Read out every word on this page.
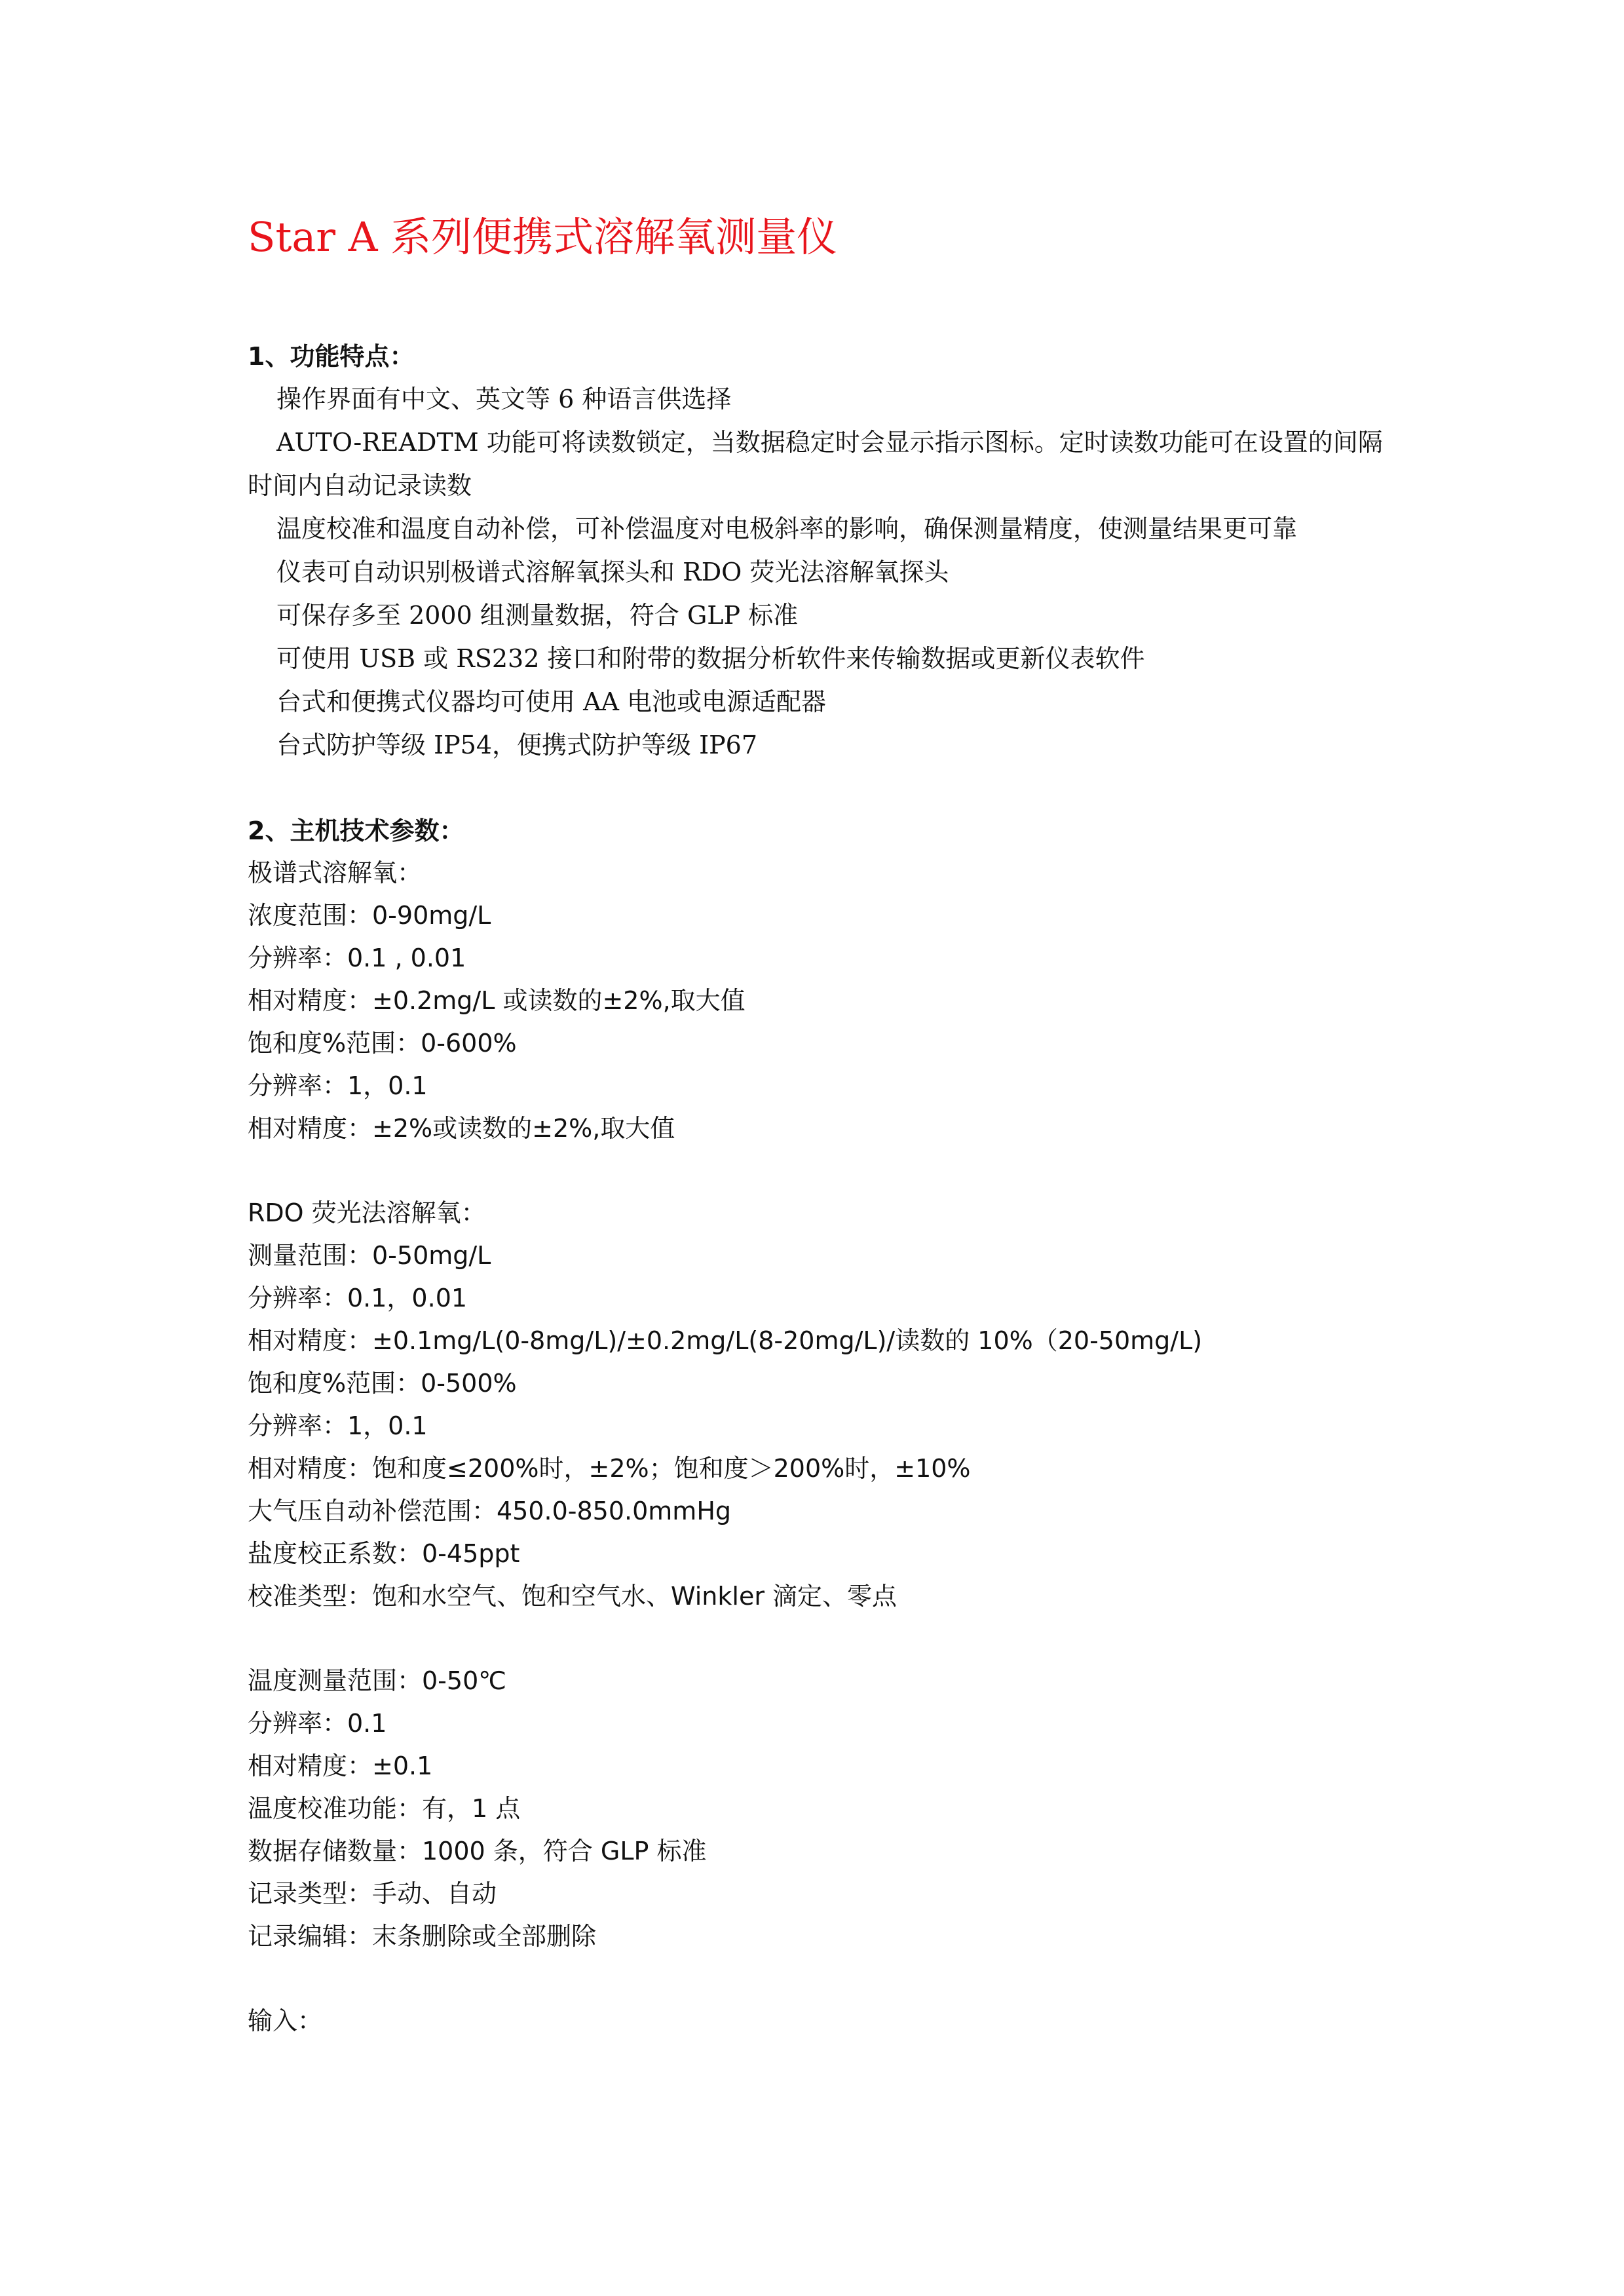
Star A 系列便携式溶解氧测量仪
1、功能特点：

操作界面有中文、英文等 6 种语言供选择

AUTO-READTM 功能可将读数锁定，当数据稳定时会显示指示图标。定时读数功能可在设置的间隔时间内自动记录读数

温度校准和温度自动补偿，可补偿温度对电极斜率的影响，确保测量精度，使测量结果更可靠

仪表可自动识别极谱式溶解氧探头和 RDO 荧光法溶解氧探头

可保存多至 2000 组测量数据，符合 GLP 标准

可使用 USB 或 RS232 接口和附带的数据分析软件来传输数据或更新仪表软件

台式和便携式仪器均可使用 AA 电池或电源适配器

台式防护等级 IP54，便携式防护等级 IP67

2、主机技术参数：

极谱式溶解氧：

浓度范围：0-90mg/L

分辨率：0.1 , 0.01

相对精度：±0.2mg/L 或读数的±2%,取大值

饱和度%范围：0-600%

分辨率：1，0.1

相对精度：±2%或读数的±2%,取大值

RDO 荧光法溶解氧：

测量范围：0-50mg/L

分辨率：0.1，0.01

相对精度：±0.1mg/L(0-8mg/L)/±0.2mg/L(8-20mg/L)/读数的 10%（20-50mg/L)

饱和度%范围：0-500%

分辨率：1，0.1

相对精度：饱和度≤200%时，±2%；饱和度＞200%时，±10%

大气压自动补偿范围：450.0-850.0mmHg

盐度校正系数：0-45ppt

校准类型：饱和水空气、饱和空气水、Winkler 滴定、零点

温度测量范围：0-50℃

分辨率：0.1

相对精度：±0.1

温度校准功能：有，1 点

数据存储数量：1000 条，符合 GLP 标准

记录类型：手动、自动

记录编辑：末条删除或全部删除

输入：
